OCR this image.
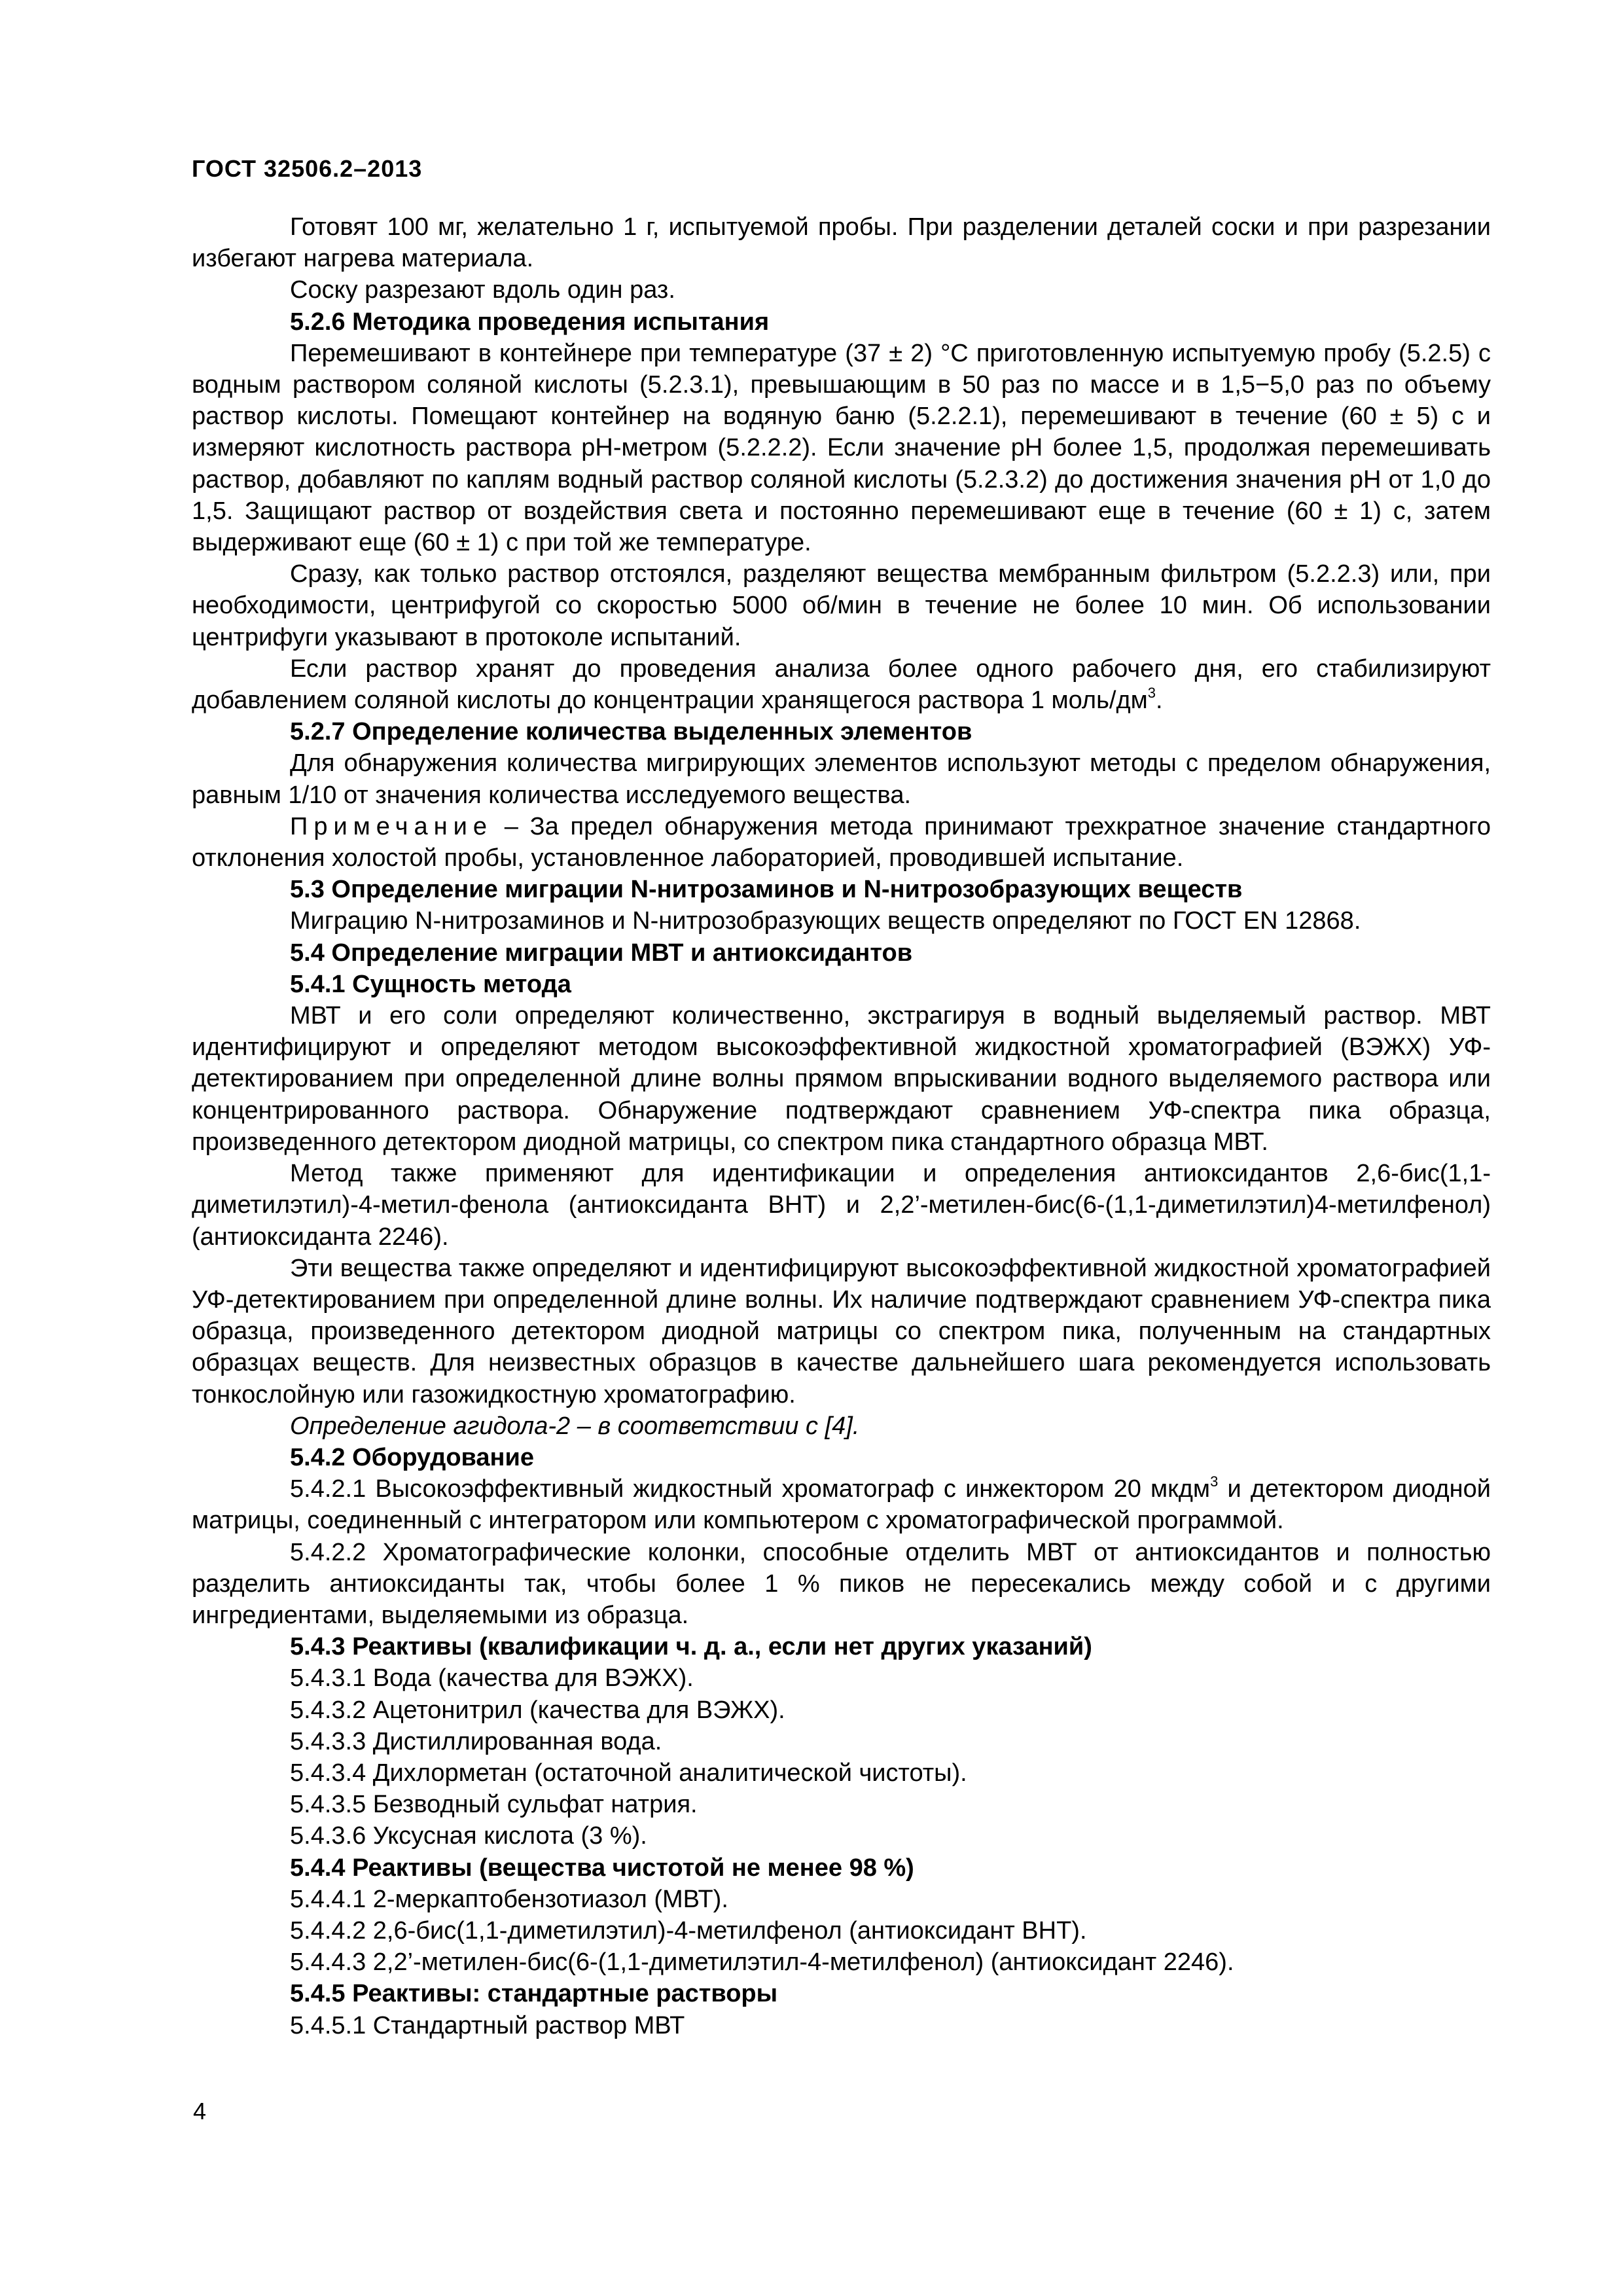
ГОСТ 32506.2–2013

Готовят 100 мг, желательно 1 г, испытуемой пробы. При разделении деталей соски и при разрезании избегают нагрева материала.

Соску разрезают вдоль один раз.

5.2.6 Методика проведения испытания

Перемешивают в контейнере при температуре (37 ± 2) °С приготовленную испытуемую пробу (5.2.5) с водным раствором соляной кислоты (5.2.3.1), превышающим в 50 раз по массе и в 1,5−5,0 раз по объему раствор кислоты. Помещают контейнер на водяную баню (5.2.2.1), перемешивают в течение (60 ± 5) с и измеряют кислотность раствора рН-метром (5.2.2.2). Если значение рН более 1,5, продолжая перемешивать раствор, добавляют по каплям водный раствор соляной кислоты (5.2.3.2) до достижения значения рН от 1,0 до 1,5. Защищают раствор от воздействия света и постоянно перемешивают еще в течение (60 ± 1) с, затем выдерживают еще (60 ± 1) с при той же температуре.

Сразу, как только раствор отстоялся, разделяют вещества мембранным фильтром (5.2.2.3) или, при необходимости, центрифугой со скоростью 5000 об/мин в течение не более 10 мин. Об использовании центрифуги указывают в протоколе испытаний.

Если раствор хранят до проведения анализа более одного рабочего дня, его стабилизируют добавлением соляной кислоты до концентрации хранящегося раствора 1 моль/$дм^3$.

5.2.7 Определение количества выделенных элементов

Для обнаружения количества мигрирующих элементов используют методы с пределом обнаружения, равным 1/10 от значения количества исследуемого вещества.

Примечание – За предел обнаружения метода принимают трехкратное значение стандартного отклонения холостой пробы, установленное лабораторией, проводившей испытание.

5.3 Определение миграции N-нитрозаминов и N-нитрозобразующих веществ

Миграцию N-нитрозаминов и N-нитрозобразующих веществ определяют по ГОСТ EN 12868.

5.4 Определение миграции МВТ и антиоксидантов

5.4.1 Сущность метода

МВТ и его соли определяют количественно, экстрагируя в водный выделяемый раствор. МВТ идентифицируют и определяют методом высокоэффективной жидкостной хроматографией (ВЭЖХ) УФ-детектированием при определенной длине волны прямом впрыскивании водного выделяемого раствора или концентрированного раствора. Обнаружение подтверждают сравнением УФ-спектра пика образца, произведенного детектором диодной матрицы, со спектром пика стандартного образца МВТ.

Метод также применяют для идентификации и определения антиоксидантов 2,6-бис(1,1-диметилэтил)-4-метил-фенола (антиоксиданта ВНТ) и 2,2’-метилен-бис(6-(1,1-диметилэтил)4-метилфенол) (антиоксиданта 2246).

Эти вещества также определяют и идентифицируют высокоэффективной жидкостной хроматографией УФ-детектированием при определенной длине волны. Их наличие подтверждают сравнением УФ-спектра пика образца, произведенного детектором диодной матрицы со спектром пика, полученным на стандартных образцах веществ. Для неизвестных образцов в качестве дальнейшего шага рекомендуется использовать тонкослойную или газожидкостную хроматографию.

Определение агидола-2 – в соответствии с [4].

5.4.2 Оборудование

5.4.2.1 Высокоэффективный жидкостный хроматограф с инжектором 20 мкдм$^3$ и детектором диодной матрицы, соединенный с интегратором или компьютером с хроматографической программой.

5.4.2.2 Хроматографические колонки, способные отделить МВТ от антиоксидантов и полностью разделить антиоксиданты так, чтобы более 1 % пиков не пересекались между собой и с другими ингредиентами, выделяемыми из образца.

5.4.3 Реактивы (квалификации ч. д. а., если нет других указаний)

5.4.3.1 Вода (качества для ВЭЖХ).

5.4.3.2 Ацетонитрил (качества для ВЭЖХ).

5.4.3.3 Дистиллированная вода.

5.4.3.4 Дихлорметан (остаточной аналитической чистоты).

5.4.3.5 Безводный сульфат натрия.

5.4.3.6 Уксусная кислота (3 %).

5.4.4 Реактивы (вещества чистотой не менее 98 %)

5.4.4.1 2-меркаптобензотиазол (МВТ).

5.4.4.2 2,6-бис(1,1-диметилэтил)-4-метилфенол (антиоксидант ВНТ).

5.4.4.3 2,2’-метилен-бис(6-(1,1-диметилэтил-4-метилфенол) (антиоксидант 2246).

5.4.5 Реактивы: стандартные растворы

5.4.5.1 Стандартный раствор МВТ

4
